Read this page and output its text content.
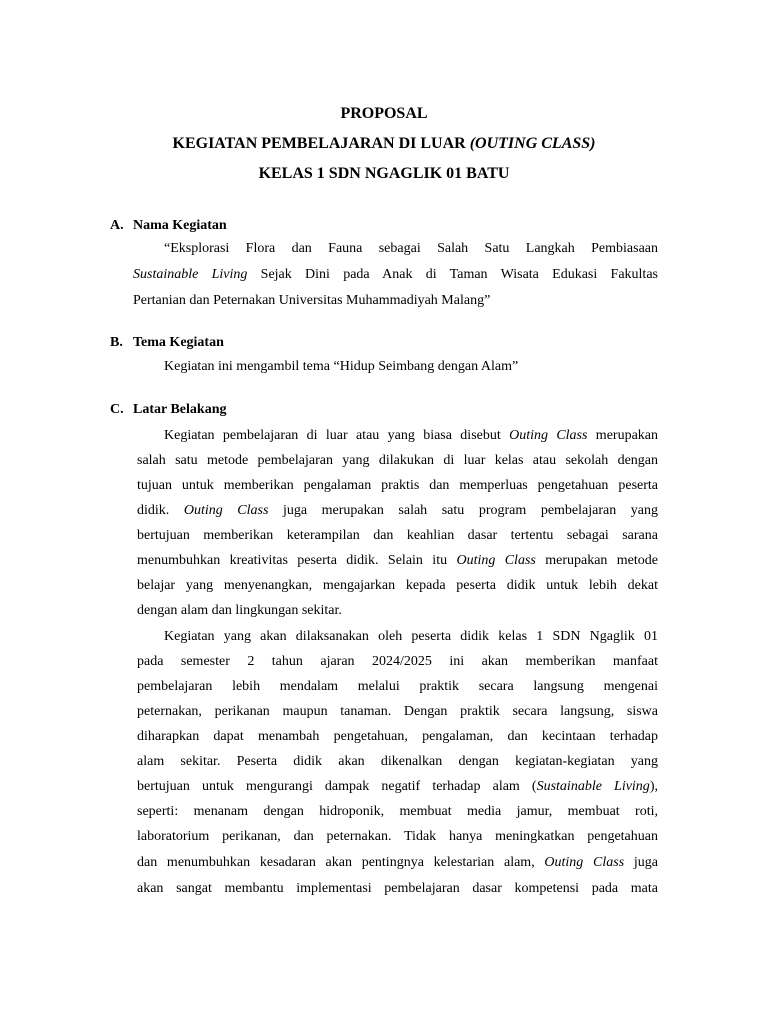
PROPOSAL
KEGIATAN PEMBELAJARAN DI LUAR (OUTING CLASS)
KELAS 1 SDN NGAGLIK 01 BATU
A. Nama Kegiatan
“Eksplorasi Flora dan Fauna sebagai Salah Satu Langkah Pembiasaan
Sustainable Living Sejak Dini pada Anak di Taman Wisata Edukasi Fakultas
Pertanian dan Peternakan Universitas Muhammadiyah Malang”
B. Tema Kegiatan
Kegiatan ini mengambil tema “Hidup Seimbang dengan Alam”
C. Latar Belakang
Kegiatan pembelajaran di luar atau yang biasa disebut Outing Class merupakan
salah satu metode pembelajaran yang dilakukan di luar kelas atau sekolah dengan
tujuan untuk memberikan pengalaman praktis dan memperluas pengetahuan peserta
didik. Outing Class juga merupakan salah satu program pembelajaran yang
bertujuan memberikan keterampilan dan keahlian dasar tertentu sebagai sarana
menumbuhkan kreativitas peserta didik. Selain itu Outing Class merupakan metode
belajar yang menyenangkan, mengajarkan kepada peserta didik untuk lebih dekat
dengan alam dan lingkungan sekitar.
Kegiatan yang akan dilaksanakan oleh peserta didik kelas 1 SDN Ngaglik 01
pada semester 2 tahun ajaran 2024/2025 ini akan memberikan manfaat
pembelajaran lebih mendalam melalui praktik secara langsung mengenai
peternakan, perikanan maupun tanaman. Dengan praktik secara langsung, siswa
diharapkan dapat menambah pengetahuan, pengalaman, dan kecintaan terhadap
alam sekitar. Peserta didik akan dikenalkan dengan kegiatan-kegiatan yang
bertujuan untuk mengurangi dampak negatif terhadap alam (Sustainable Living),
seperti: menanam dengan hidroponik, membuat media jamur, membuat roti,
laboratorium perikanan, dan peternakan. Tidak hanya meningkatkan pengetahuan
dan menumbuhkan kesadaran akan pentingnya kelestarian alam, Outing Class juga
akan sangat membantu implementasi pembelajaran dasar kompetensi pada mata
